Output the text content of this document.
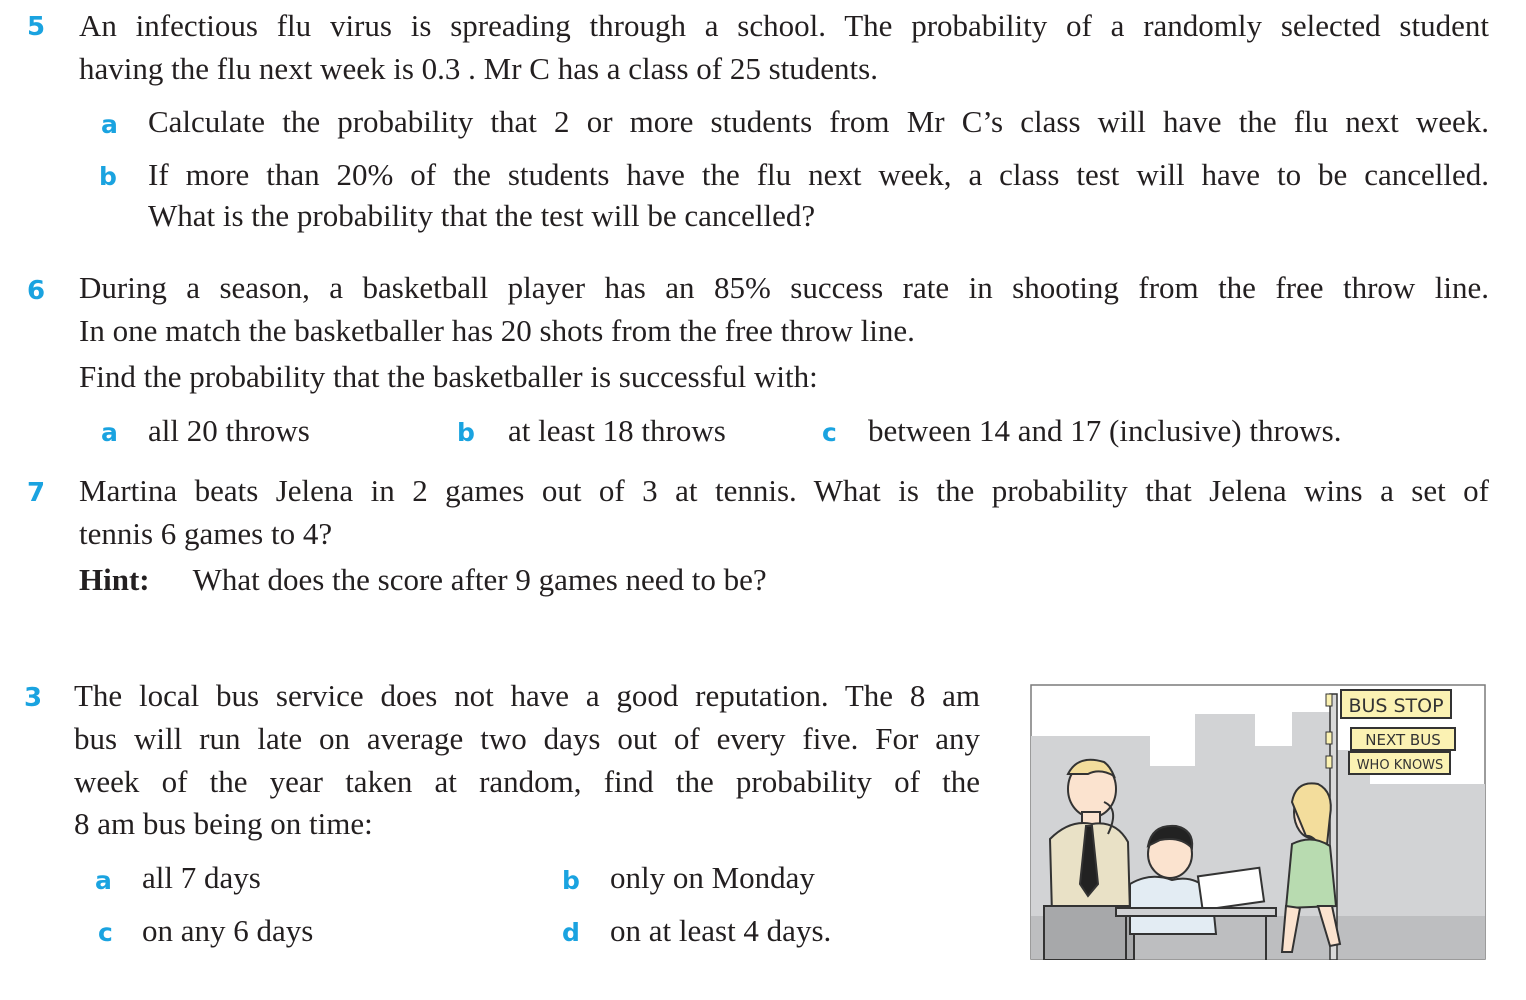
5 An infectious flu virus is spreading through a school. The probability of a randomly selected student
having the flu next week is 0.3 . Mr C has a class of 25 students.
a Calculate the probability that 2 or more students from Mr C’s class will have the flu next week.
b If more than 20% of the students have the flu next week, a class test will have to be cancelled.
What is the probability that the test will be cancelled?
6 During a season, a basketball player has an 85% success rate in shooting from the free throw line.
In one match the basketballer has 20 shots from the free throw line.
Find the probability that the basketballer is successful with:
a all 20 throws	b at least 18 throws	c between 14 and 17 (inclusive) throws.
7 Martina beats Jelena in 2 games out of 3 at tennis. What is the probability that Jelena wins a set of
tennis 6 games to 4?
Hint: What does the score after 9 games need to be?
3 The local bus service does not have a good reputation. The 8 am
bus will run late on average two days out of every five. For any
week of the year taken at random, find the probability of the
8 am bus being on time:
a all 7 days	b only on Monday
c on any 6 days	d on at least 4 days.
BUS STOP
NEXT BUS
WHO KNOWS
